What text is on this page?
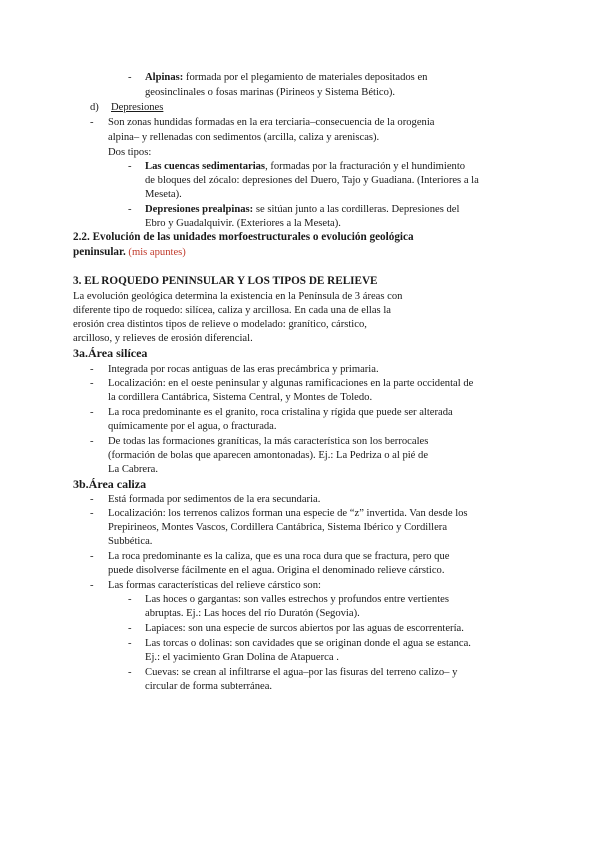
- Alpinas: formada por el plegamiento de materiales depositados en
geosinclinales o fosas marinas (Pirineos y Sistema Bético).
d) Depresiones
- Son zonas hundidas formadas en la era terciaria–consecuencia de la orogenia
alpina– y rellenadas con sedimentos (arcilla, caliza y areniscas).
Dos tipos:
- Las cuencas sedimentarias, formadas por la fracturación y el hundimiento
de bloques del zócalo: depresiones del Duero, Tajo y Guadiana. (Interiores a la
Meseta).
- Depresiones prealpinas: se sitúan junto a las cordilleras. Depresiones del
Ebro y Guadalquivir. (Exteriores a la Meseta).
2.2. Evolución de las unidades morfoestructurales o evolución geológica
peninsular. (mis apuntes)
3. EL ROQUEDO PENINSULAR Y LOS TIPOS DE RELIEVE
La evolución geológica determina la existencia en la Península de 3 áreas con
diferente tipo de roquedo: silícea, caliza y arcillosa. En cada una de ellas la
erosión crea distintos tipos de relieve o modelado: granítico, cárstico,
arcilloso, y relieves de erosión diferencial.
3a.Área silícea
- Integrada por rocas antiguas de las eras precámbrica y primaria.
- Localización: en el oeste peninsular y algunas ramificaciones en la parte occidental de
la cordillera Cantábrica, Sistema Central, y Montes de Toledo.
- La roca predominante es el granito, roca cristalina y rígida que puede ser alterada
químicamente por el agua, o fracturada.
- De todas las formaciones graníticas, la más característica son los berrocales
(formación de bolas que aparecen amontonadas). Ej.: La Pedriza o al pié de
La Cabrera.
3b.Área caliza
- Está formada por sedimentos de la era secundaria.
- Localización: los terrenos calizos forman una especie de “z” invertida. Van desde los
Prepirineos, Montes Vascos, Cordillera Cantábrica, Sistema Ibérico y Cordillera
Subbética.
- La roca predominante es la caliza, que es una roca dura que se fractura, pero que
puede disolverse fácilmente en el agua. Origina el denominado relieve cárstico.
- Las formas características del relieve cárstico son:
- Las hoces o gargantas: son valles estrechos y profundos entre vertientes
abruptas. Ej.: Las hoces del río Duratón (Segovia).
- Lapiaces: son una especie de surcos abiertos por las aguas de escorrentería.
- Las torcas o dolinas: son cavidades que se originan donde el agua se estanca.
Ej.: el yacimiento Gran Dolina de Atapuerca .
- Cuevas: se crean al infiltrarse el agua–por las fisuras del terreno calizo– y
circular de forma subterránea.
